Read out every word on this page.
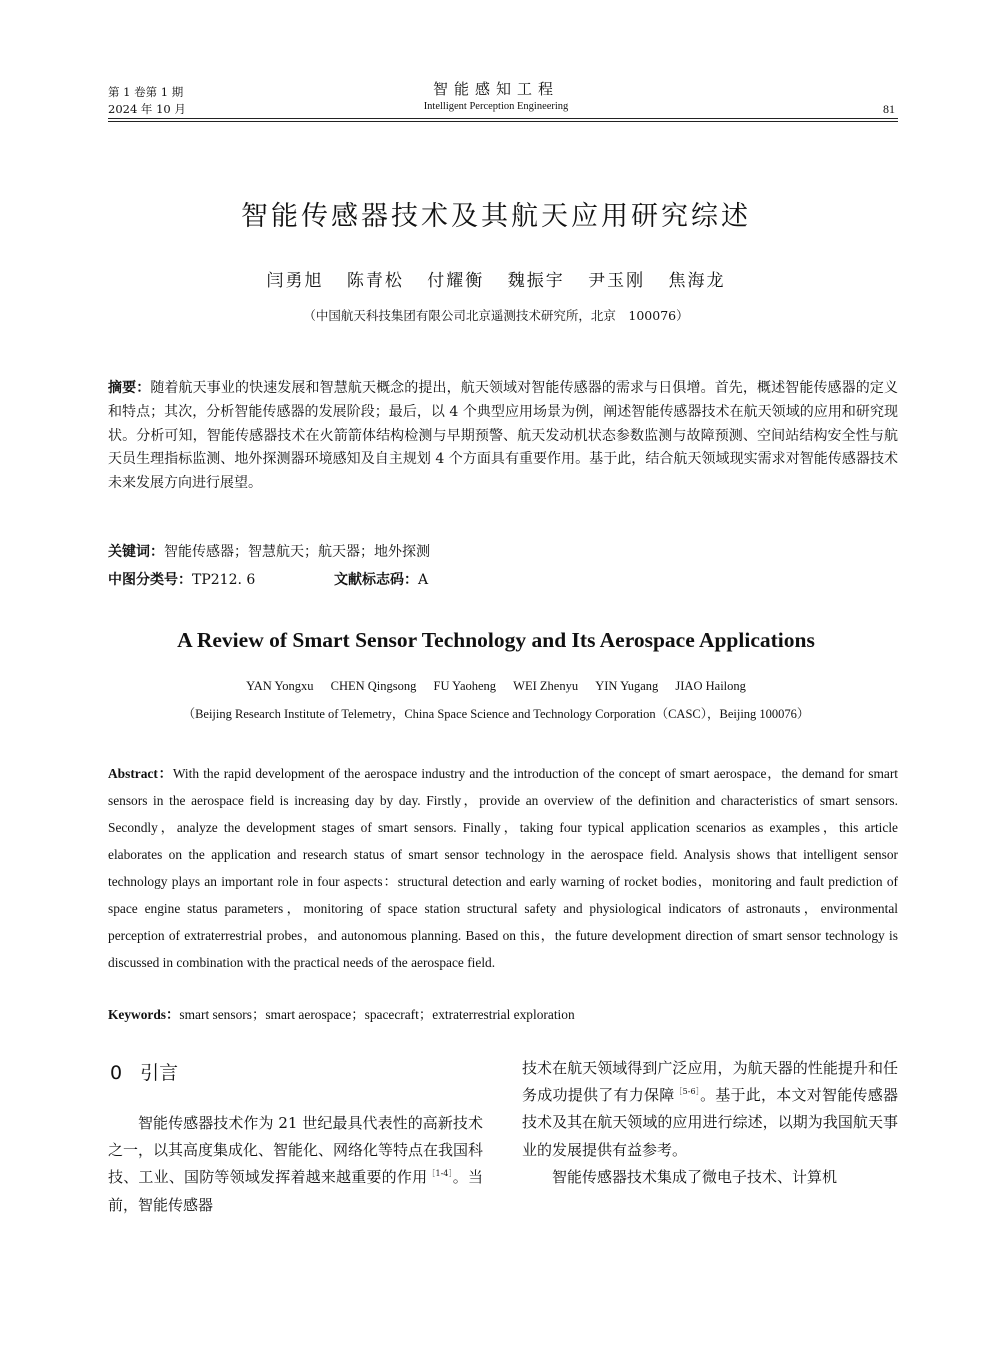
第 1 卷第 1 期
2024 年 10 月
智能感知工程
Intelligent Perception Engineering	81
智能传感器技术及其航天应用研究综述
闫勇旭 陈青松 付耀衡 魏振宇 尹玉刚 焦海龙
（中国航天科技集团有限公司北京遥测技术研究所，北京　100076）
摘要：随着航天事业的快速发展和智慧航天概念的提出，航天领域对智能传感器的需求与日俱增。首先，概述智能传感器的定义和特点；其次，分析智能传感器的发展阶段；最后，以 4 个典型应用场景为例，阐述智能传感器技术在航天领域的应用和研究现状。分析可知，智能传感器技术在火箭箭体结构检测与早期预警、航天发动机状态参数监测与故障预测、空间站结构安全性与航天员生理指标监测、地外探测器环境感知及自主规划 4 个方面具有重要作用。基于此，结合航天领域现实需求对智能传感器技术未来发展方向进行展望。
关键词：智能传感器；智慧航天；航天器；地外探测
中图分类号：TP212. 6	文献标志码：A
A Review of Smart Sensor Technology and Its Aerospace Applications
YAN Yongxu CHEN Qingsong FU Yaoheng WEI Zhenyu YIN Yugang JIAO Hailong
（Beijing Research Institute of Telemetry，China Space Science and Technology Corporation（CASC），Beijing 100076）
Abstract：With the rapid development of the aerospace industry and the introduction of the concept of smart aerospace，the demand for smart sensors in the aerospace field is increasing day by day. Firstly，provide an overview of the definition and characteristics of smart sensors. Secondly，analyze the development stages of smart sensors. Finally，taking four typical application scenarios as examples，this article elaborates on the application and research status of smart sensor technology in the aerospace field. Analysis shows that intelligent sensor technology plays an important role in four aspects：structural detection and early warning of rocket bodies，monitoring and fault prediction of space engine status parameters，monitoring of space station structural safety and physiological indicators of astronauts，environmental perception of extraterrestrial probes，and autonomous planning. Based on this，the future development direction of smart sensor technology is discussed in combination with the practical needs of the aerospace field.
Keywords：smart sensors；smart aerospace；spacecraft；extraterrestrial exploration
0 引言
智能传感器技术作为 21 世纪最具代表性的高新技术之一，以其高度集成化、智能化、网络化等特点在我国科技、工业、国防等领域发挥着越来越重要的作用$^{[1-4]}$。当前，智能传感器
技术在航天领域得到广泛应用，为航天器的性能提升和任务成功提供了有力保障$^{[5-6]}$。基于此，本文对智能传感器技术及其在航天领域的应用进行综述，以期为我国航天事业的发展提供有益参考。
智能传感器技术集成了微电子技术、计算机
